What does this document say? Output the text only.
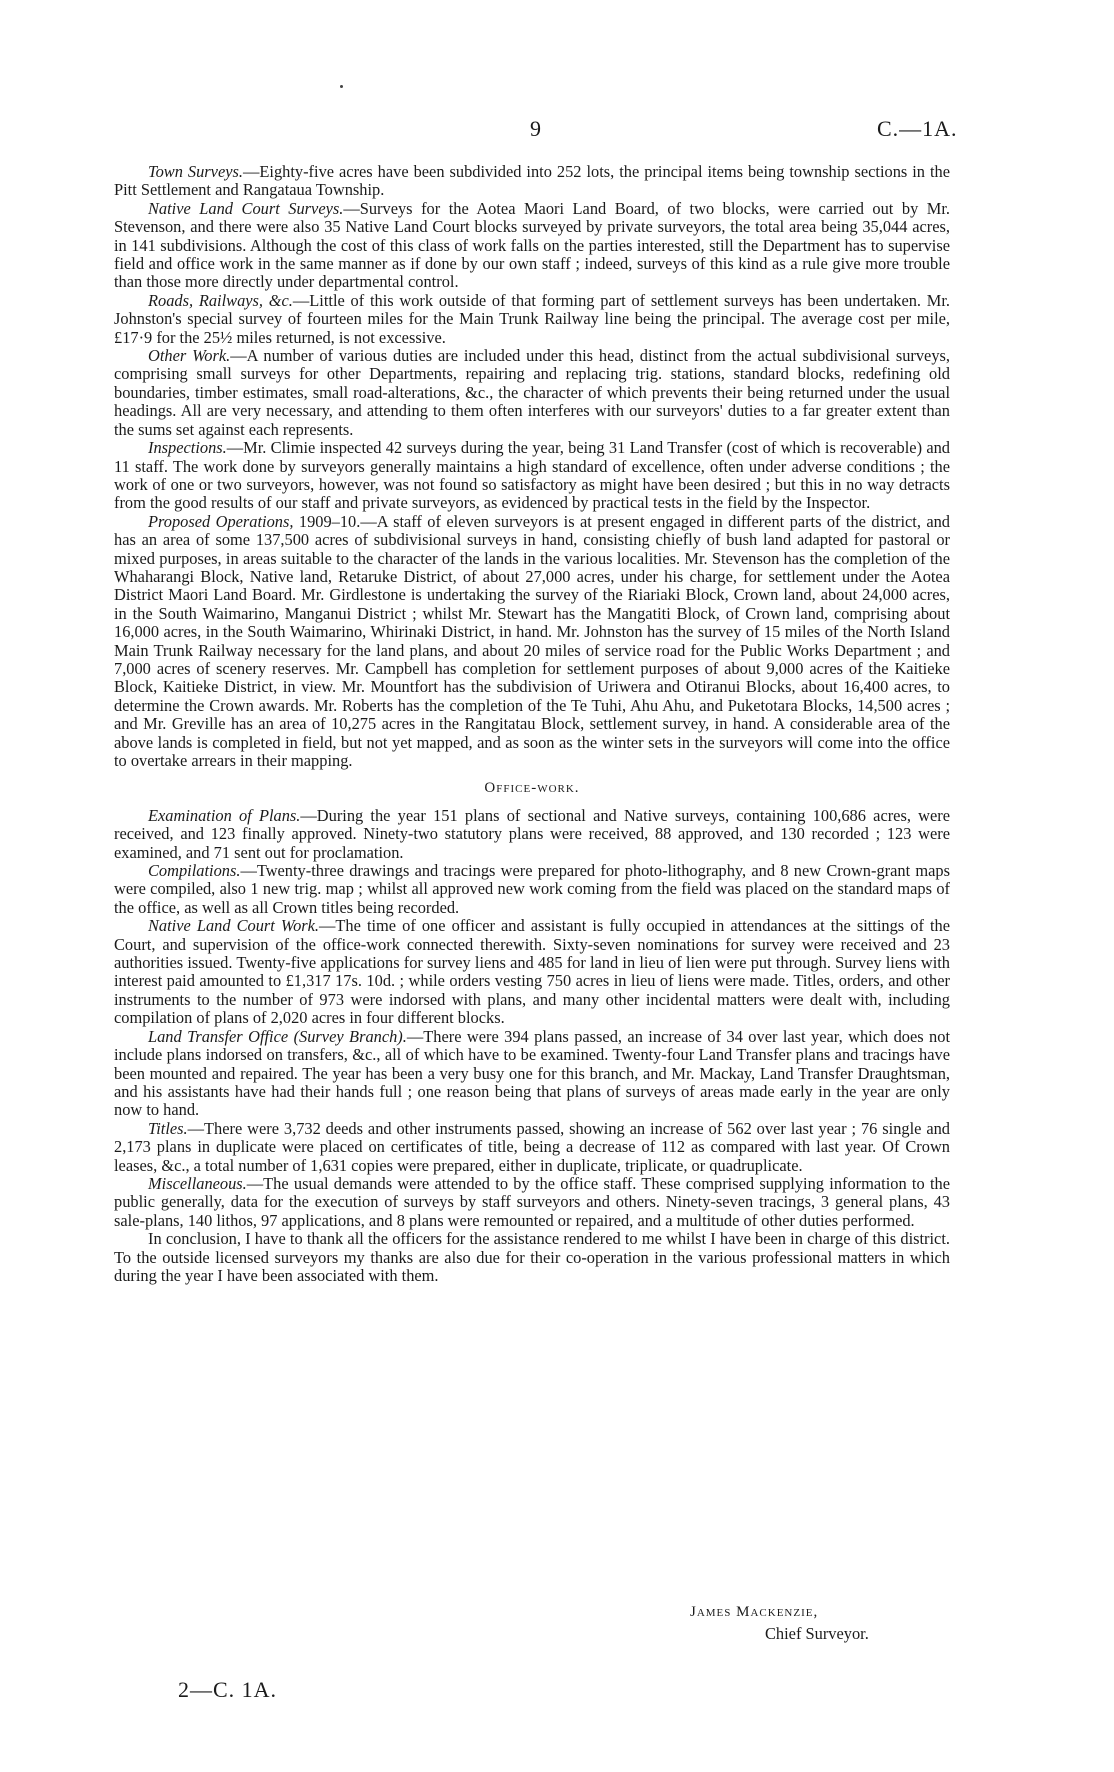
9	C.—1A.

Town Surveys.—Eighty-five acres have been subdivided into 252 lots, the principal items being township sections in the Pitt Settlement and Rangataua Township.

Native Land Court Surveys.—Surveys for the Aotea Maori Land Board, of two blocks, were carried out by Mr. Stevenson, and there were also 35 Native Land Court blocks surveyed by private surveyors, the total area being 35,044 acres, in 141 subdivisions. Although the cost of this class of work falls on the parties interested, still the Department has to supervise field and office work in the same manner as if done by our own staff ; indeed, surveys of this kind as a rule give more trouble than those more directly under departmental control.

Roads, Railways, &c.—Little of this work outside of that forming part of settlement surveys has been undertaken. Mr. Johnston's special survey of fourteen miles for the Main Trunk Railway line being the principal. The average cost per mile, £17·9 for the 25½ miles returned, is not excessive.

Other Work.—A number of various duties are included under this head, distinct from the actual subdivisional surveys, comprising small surveys for other Departments, repairing and replacing trig. stations, standard blocks, redefining old boundaries, timber estimates, small road-alterations, &c., the character of which prevents their being returned under the usual headings. All are very necessary, and attending to them often interferes with our surveyors' duties to a far greater extent than the sums set against each represents.

Inspections.—Mr. Climie inspected 42 surveys during the year, being 31 Land Transfer (cost of which is recoverable) and 11 staff. The work done by surveyors generally maintains a high standard of excellence, often under adverse conditions ; the work of one or two surveyors, however, was not found so satisfactory as might have been desired ; but this in no way detracts from the good results of our staff and private surveyors, as evidenced by practical tests in the field by the Inspector.

Proposed Operations, 1909–10.—A staff of eleven surveyors is at present engaged in different parts of the district, and has an area of some 137,500 acres of subdivisional surveys in hand, consisting chiefly of bush land adapted for pastoral or mixed purposes, in areas suitable to the character of the lands in the various localities. Mr. Stevenson has the completion of the Whaharangi Block, Native land, Retaruke District, of about 27,000 acres, under his charge, for settlement under the Aotea District Maori Land Board. Mr. Girdlestone is undertaking the survey of the Riariaki Block, Crown land, about 24,000 acres, in the South Waimarino, Manganui District ; whilst Mr. Stewart has the Mangatiti Block, of Crown land, comprising about 16,000 acres, in the South Waimarino, Whirinaki District, in hand. Mr. Johnston has the survey of 15 miles of the North Island Main Trunk Railway necessary for the land plans, and about 20 miles of service road for the Public Works Department ; and 7,000 acres of scenery reserves. Mr. Campbell has completion for settlement purposes of about 9,000 acres of the Kaitieke Block, Kaitieke District, in view. Mr. Mountfort has the subdivision of Uriwera and Otiranui Blocks, about 16,400 acres, to determine the Crown awards. Mr. Roberts has the completion of the Te Tuhi, Ahu Ahu, and Puketotara Blocks, 14,500 acres ; and Mr. Greville has an area of 10,275 acres in the Rangitatau Block, settlement survey, in hand. A considerable area of the above lands is completed in field, but not yet mapped, and as soon as the winter sets in the surveyors will come into the office to overtake arrears in their mapping.

Office-work.

Examination of Plans.—During the year 151 plans of sectional and Native surveys, containing 100,686 acres, were received, and 123 finally approved. Ninety-two statutory plans were received, 88 approved, and 130 recorded ; 123 were examined, and 71 sent out for proclamation.

Compilations.—Twenty-three drawings and tracings were prepared for photo-lithography, and 8 new Crown-grant maps were compiled, also 1 new trig. map ; whilst all approved new work coming from the field was placed on the standard maps of the office, as well as all Crown titles being recorded.

Native Land Court Work.—The time of one officer and assistant is fully occupied in attendances at the sittings of the Court, and supervision of the office-work connected therewith. Sixty-seven nominations for survey were received and 23 authorities issued. Twenty-five applications for survey liens and 485 for land in lieu of lien were put through. Survey liens with interest paid amounted to £1,317 17s. 10d. ; while orders vesting 750 acres in lieu of liens were made. Titles, orders, and other instruments to the number of 973 were indorsed with plans, and many other incidental matters were dealt with, including compilation of plans of 2,020 acres in four different blocks.

Land Transfer Office (Survey Branch).—There were 394 plans passed, an increase of 34 over last year, which does not include plans indorsed on transfers, &c., all of which have to be examined. Twenty-four Land Transfer plans and tracings have been mounted and repaired. The year has been a very busy one for this branch, and Mr. Mackay, Land Transfer Draughtsman, and his assistants have had their hands full ; one reason being that plans of surveys of areas made early in the year are only now to hand.

Titles.—There were 3,732 deeds and other instruments passed, showing an increase of 562 over last year ; 76 single and 2,173 plans in duplicate were placed on certificates of title, being a decrease of 112 as compared with last year. Of Crown leases, &c., a total number of 1,631 copies were prepared, either in duplicate, triplicate, or quadruplicate.

Miscellaneous.—The usual demands were attended to by the office staff. These comprised supplying information to the public generally, data for the execution of surveys by staff surveyors and others. Ninety-seven tracings, 3 general plans, 43 sale-plans, 140 lithos, 97 applications, and 8 plans were remounted or repaired, and a multitude of other duties performed.

In conclusion, I have to thank all the officers for the assistance rendered to me whilst I have been in charge of this district. To the outside licensed surveyors my thanks are also due for their co-operation in the various professional matters in which during the year I have been associated with them.

James Mackenzie,
Chief Surveyor.
2—C. 1A.
